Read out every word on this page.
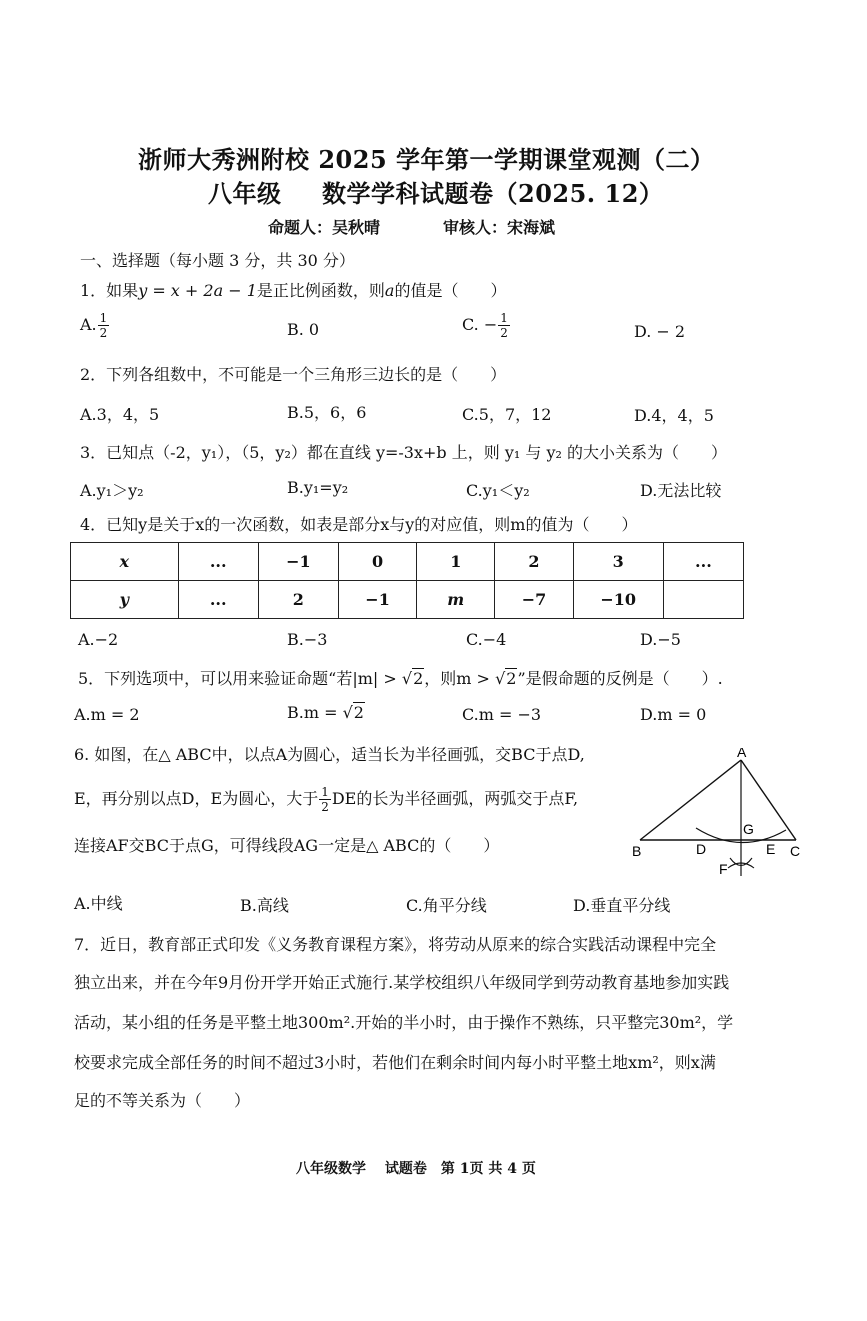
浙师大秀洲附校 2025 学年第一学期课堂观测（二）
八年级 数学学科试题卷（2025. 12）
命题人：吴秋晴	审核人：宋海斌
一、选择题（每小题 3 分，共 30 分）
1．如果y = x + 2a − 1是正比例函数，则a的值是（　　）
A. $\frac{1}{2}$	B. 0	C. − $\frac{1}{2}$	D. − 2
2．下列各组数中，不可能是一个三角形三边长的是（　　）
A.3，4，5	B.5，6，6	C.5，7，12	D.4，4，5
3．已知点（-2，y₁），（5，y₂）都在直线 y=-3x+b 上，则 y₁ 与 y₂ 的大小关系为（　　）
A.y₁＞y₂	B.y₁=y₂	C.y₁＜y₂	D.无法比较
4．已知y是关于x的一次函数，如表是部分x与y的对应值，则m的值为（　　）
x	...	−1	0	1	2	3	...
y	...	2	−1	m	−7	−10	
A.−2	B.−3	C.−4	D.−5
5．下列选项中，可以用来验证命题“若|m| > √2，则m > √2”是假命题的反例是（　　）.
A.m = 2	B.m = √2	C.m = −3	D.m = 0
6. 如图，在△ ABC中，以点A为圆心，适当长为半径画弧，交BC于点D,
E，再分别以点D，E为圆心，大于 $\frac{1}{2}$ DE的长为半径画弧，两弧交于点F,
连接AF交BC于点G，可得线段AG一定是△ ABC的（　　）
A
B	C
D	E
F
G
A.中线	B.高线	C.角平分线	D.垂直平分线
7．近日，教育部正式印发《义务教育课程方案》，将劳动从原来的综合实践活动课程中完全
独立出来，并在今年9月份开学开始正式施行.某学校组织八年级同学到劳动教育基地参加实践
活动，某小组的任务是平整土地300m².开始的半小时，由于操作不熟练，只平整完30m²，学
校要求完成全部任务的时间不超过3小时，若他们在剩余时间内每小时平整土地xm²，则x满
足的不等关系为（　　）
八年级数学　 试题卷　第 1页 共 4 页
